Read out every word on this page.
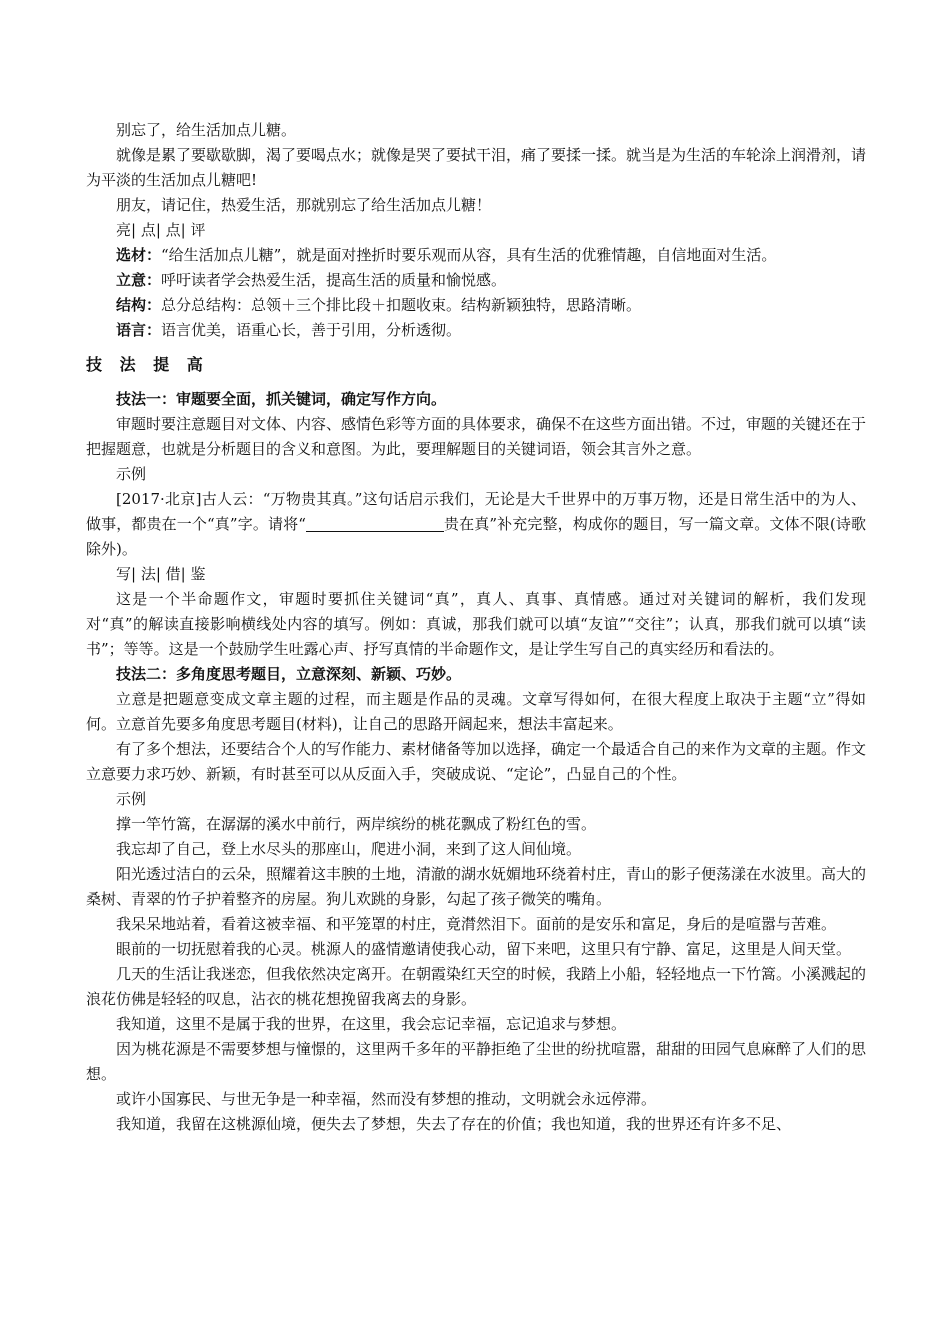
别忘了，给生活加点儿糖。

就像是累了要歇歇脚，渴了要喝点水；就像是哭了要拭干泪，痛了要揉一揉。就当是为生活的车轮涂上润滑剂，请为平淡的生活加点儿糖吧!

朋友，请记住，热爱生活，那就别忘了给生活加点儿糖！

亮| 点| 点| 评

选材：“给生活加点儿糖”，就是面对挫折时要乐观而从容，具有生活的优雅情趣，自信地面对生活。

立意：呼吁读者学会热爱生活，提高生活的质量和愉悦感。

结构：总分总结构：总领＋三个排比段＋扣题收束。结构新颖独特，思路清晰。

语言：语言优美，语重心长，善于引用，分析透彻。

技 法 提 高

技法一：审题要全面，抓关键词，确定写作方向。

审题时要注意题目对文体、内容、感情色彩等方面的具体要求，确保不在这些方面出错。不过，审题的关键还在于把握题意，也就是分析题目的含义和意图。为此，要理解题目的关键词语，领会其言外之意。

示例

[2017·北京]古人云：“万物贵其真。”这句话启示我们，无论是大千世界中的万事万物，还是日常生活中的为人、做事，都贵在一个“真”字。请将“	贵在真”补充完整，构成你的题目，写一篇文章。文体不限(诗歌除外)。

写| 法| 借| 鉴

这是一个半命题作文，审题时要抓住关键词“真”，真人、真事、真情感。通过对关键词的解析，我们发现对“真”的解读直接影响横线处内容的填写。例如：真诚，那我们就可以填“友谊”“交往”；认真，那我们就可以填“读书”；等等。这是一个鼓励学生吐露心声、抒写真情的半命题作文，是让学生写自己的真实经历和看法的。

技法二：多角度思考题目，立意深刻、新颖、巧妙。

立意是把题意变成文章主题的过程，而主题是作品的灵魂。文章写得如何，在很大程度上取决于主题“立”得如何。立意首先要多角度思考题目(材料)，让自己的思路开阔起来，想法丰富起来。

有了多个想法，还要结合个人的写作能力、素材储备等加以选择，确定一个最适合自己的来作为文章的主题。作文立意要力求巧妙、新颖，有时甚至可以从反面入手，突破成说、“定论”，凸显自己的个性。

示例

撑一竿竹篙，在潺潺的溪水中前行，两岸缤纷的桃花飘成了粉红色的雪。

我忘却了自己，登上水尽头的那座山，爬进小洞，来到了这人间仙境。

阳光透过洁白的云朵，照耀着这丰腴的土地，清澈的湖水妩媚地环绕着村庄，青山的影子便荡漾在水波里。高大的桑树、青翠的竹子护着整齐的房屋。狗儿欢跳的身影，勾起了孩子微笑的嘴角。

我呆呆地站着，看着这被幸福、和平笼罩的村庄，竟潸然泪下。面前的是安乐和富足，身后的是喧嚣与苦难。

眼前的一切抚慰着我的心灵。桃源人的盛情邀请使我心动，留下来吧，这里只有宁静、富足，这里是人间天堂。

几天的生活让我迷恋，但我依然决定离开。在朝霞染红天空的时候，我踏上小船，轻轻地点一下竹篙。小溪溅起的浪花仿佛是轻轻的叹息，沾衣的桃花想挽留我离去的身影。

我知道，这里不是属于我的世界，在这里，我会忘记幸福，忘记追求与梦想。

因为桃花源是不需要梦想与憧憬的，这里两千多年的平静拒绝了尘世的纷扰喧嚣，甜甜的田园气息麻醉了人们的思想。

或许小国寡民、与世无争是一种幸福，然而没有梦想的推动，文明就会永远停滞。

我知道，我留在这桃源仙境，便失去了梦想，失去了存在的价值；我也知道，我的世界还有许多不足、
